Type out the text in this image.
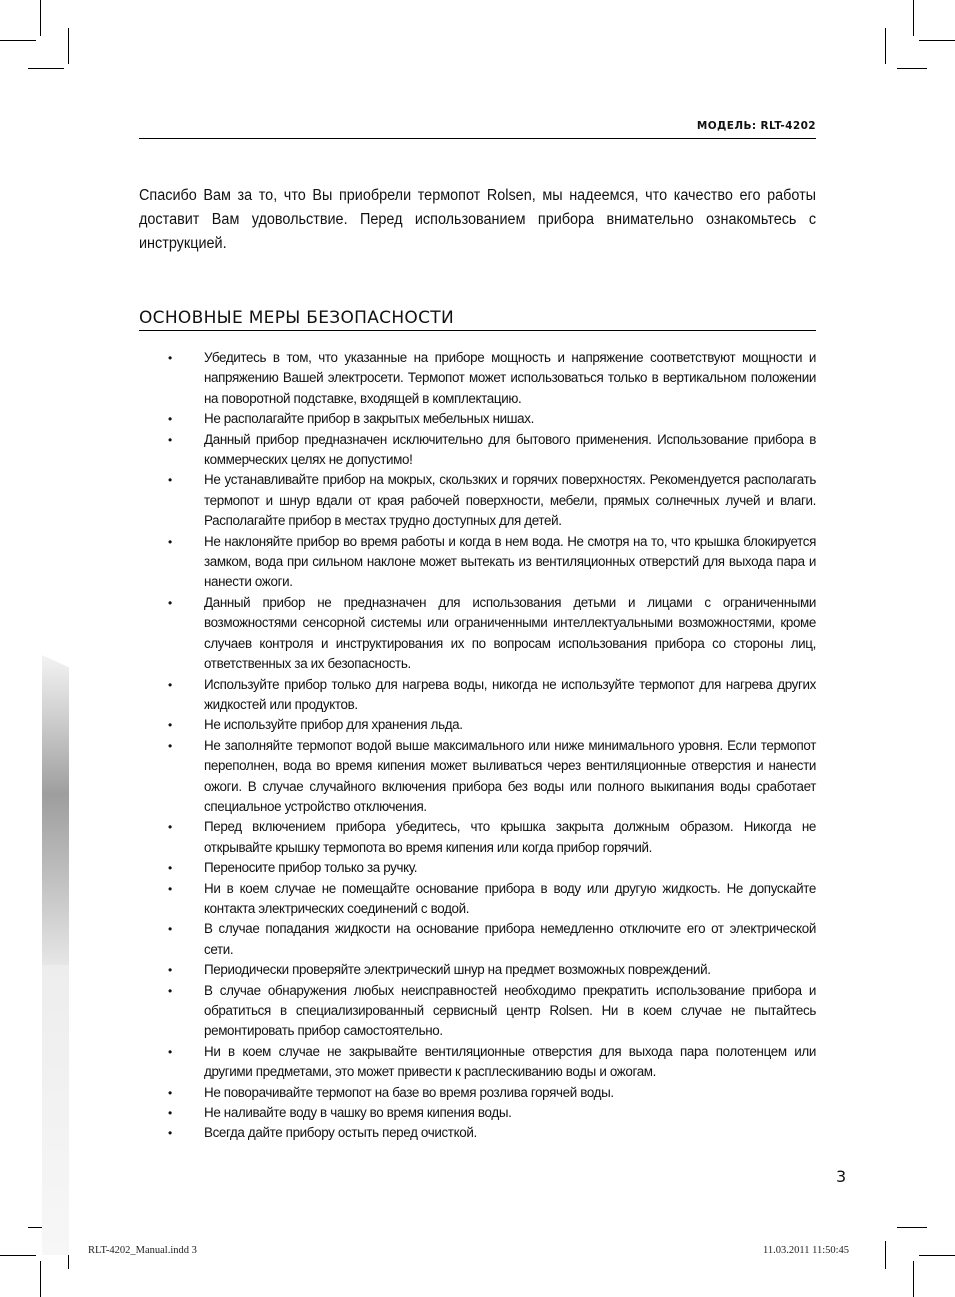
МОДЕЛЬ: RLT-4202
Спасибо Вам за то, что Вы приобрели термопот Rolsen, мы надеемся, что качество его работы доставит Вам удовольствие. Перед использованием прибора внимательно ознакомьтесь с инструкцией.
ОСНОВНЫЕ МЕРЫ БЕЗОПАСНОСТИ
• Убедитесь в том, что указанные на приборе мощность и напряжение соответствуют мощности и напряжению Вашей электросети. Термопот может использоваться только в вертикальном положении на поворотной подставке, входящей в комплектацию.
• Не располагайте прибор в закрытых мебельных нишах.
• Данный прибор предназначен исключительно для бытового применения. Использование прибора в коммерческих целях не допустимо!
• Не устанавливайте прибор на мокрых, скользких и горячих поверхностях. Рекомендуется располагать термопот и шнур вдали от края рабочей поверхности, мебели, прямых солнечных лучей и влаги. Располагайте прибор в местах трудно доступных для детей.
• Не наклоняйте прибор во время работы и когда в нем вода. Не смотря на то, что крышка блокируется замком, вода при сильном наклоне может вытекать из вентиляционных отверстий для выхода пара и нанести ожоги.
• Данный прибор не предназначен для использования детьми и лицами с ограниченными возможностями сенсорной системы или ограниченными интеллектуальными возможностями, кроме случаев контроля и инструктирования их по вопросам использования прибора со стороны лиц, ответственных за их безопасность.
• Используйте прибор только для нагрева воды, никогда не используйте термопот для нагрева других жидкостей или продуктов.
• Не используйте прибор для хранения льда.
• Не заполняйте термопот водой выше максимального или ниже минимального уровня. Если термопот переполнен, вода во время кипения может выливаться через вентиляционные отверстия и нанести ожоги. В случае случайного включения прибора без воды или полного выкипания воды сработает специальное устройство отключения.
• Перед включением прибора убедитесь, что крышка закрыта должным образом. Никогда не открывайте крышку термопота во время кипения или когда прибор горячий.
• Переносите прибор только за ручку.
• Ни в коем случае не помещайте основание прибора в воду или другую жидкость. Не допускайте контакта электрических соединений с водой.
• В случае попадания жидкости на основание прибора немедленно отключите его от электрической сети.
• Периодически проверяйте электрический шнур на предмет возможных повреждений.
• В случае обнаружения любых неисправностей необходимо прекратить использование прибора и обратиться в специализированный сервисный центр Rolsen. Ни в коем случае не пытайтесь ремонтировать прибор самостоятельно.
• Ни в коем случае не закрывайте вентиляционные отверстия для выхода пара полотенцем или другими предметами, это может привести к расплескиванию воды и ожогам.
• Не поворачивайте термопот на базе во время розлива горячей воды.
• Не наливайте воду в чашку во время кипения воды.
• Всегда дайте прибору остыть перед очисткой.
3
RLT-4202_Manual.indd 3	11.03.2011 11:50:45
